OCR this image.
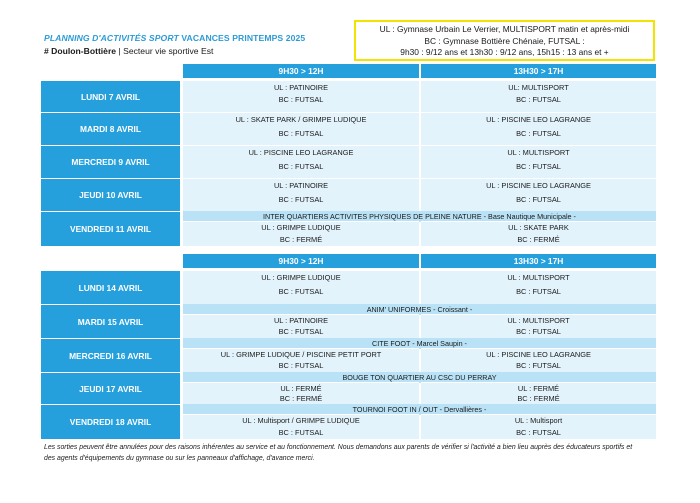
PLANNING D'ACTIVITÉS SPORT VACANCES PRINTEMPS 2025
# Doulon-Bottière | Secteur vie sportive Est
UL : Gymnase Urbain Le Verrier, MULTISPORT matin et après-midi
BC : Gymnase Bottière Chénaie, FUTSAL :
9h30 : 9/12 ans et 13h30 : 9/12 ans, 15h15 : 13 ans et +
9H30 > 12H	13H30 > 17H
LUNDI 7 AVRIL
UL : PATINOIRE
BC : FUTSAL
UL: MULTISPORT
BC : FUTSAL
MARDI 8 AVRIL
UL : SKATE PARK / GRIMPE LUDIQUE
BC : FUTSAL
UL : PISCINE LEO LAGRANGE
BC : FUTSAL
MERCREDI 9 AVRIL
UL : PISCINE LEO LAGRANGE
BC : FUTSAL
UL : MULTISPORT
BC : FUTSAL
JEUDI 10 AVRIL
UL : PATINOIRE
BC : FUTSAL
UL : PISCINE LEO LAGRANGE
BC : FUTSAL
VENDREDI 11 AVRIL
INTER QUARTIERS ACTIVITES PHYSIQUES DE PLEINE NATURE - Base Nautique Municipale -
UL : GRIMPE LUDIQUE
BC : FERMÉ
UL : SKATE PARK
BC : FERMÉ
9H30 > 12H	13H30 > 17H
LUNDI 14 AVRIL
UL : GRIMPE LUDIQUE
BC : FUTSAL
UL : MULTISPORT
BC : FUTSAL
MARDI 15 AVRIL
ANIM' UNIFORMES - Croissant -
UL : PATINOIRE
BC : FUTSAL
UL : MULTISPORT
BC : FUTSAL
MERCREDI 16 AVRIL
CITE FOOT - Marcel Saupin -
UL : GRIMPE LUDIQUE / PISCINE PETIT PORT
BC : FUTSAL
UL : PISCINE LEO LAGRANGE
BC : FUTSAL
JEUDI 17 AVRIL
BOUGE TON QUARTIER AU CSC DU PERRAY
UL : FERMÉ
BC : FERMÉ
UL : FERMÉ
BC : FERMÉ
VENDREDI 18 AVRIL
TOURNOI FOOT IN / OUT - Dervallières -
UL : Multisport / GRIMPE LUDIQUE
BC : FUTSAL
UL : Multisport
BC : FUTSAL
Les sorties peuvent être annulées pour des raisons inhérentes au service et au fonctionnement. Nous demandons aux parents de vérifier si l'activité a bien lieu auprès des éducateurs sportifs et des agents d'équipements du gymnase ou sur les panneaux d'affichage, d'avance merci.
